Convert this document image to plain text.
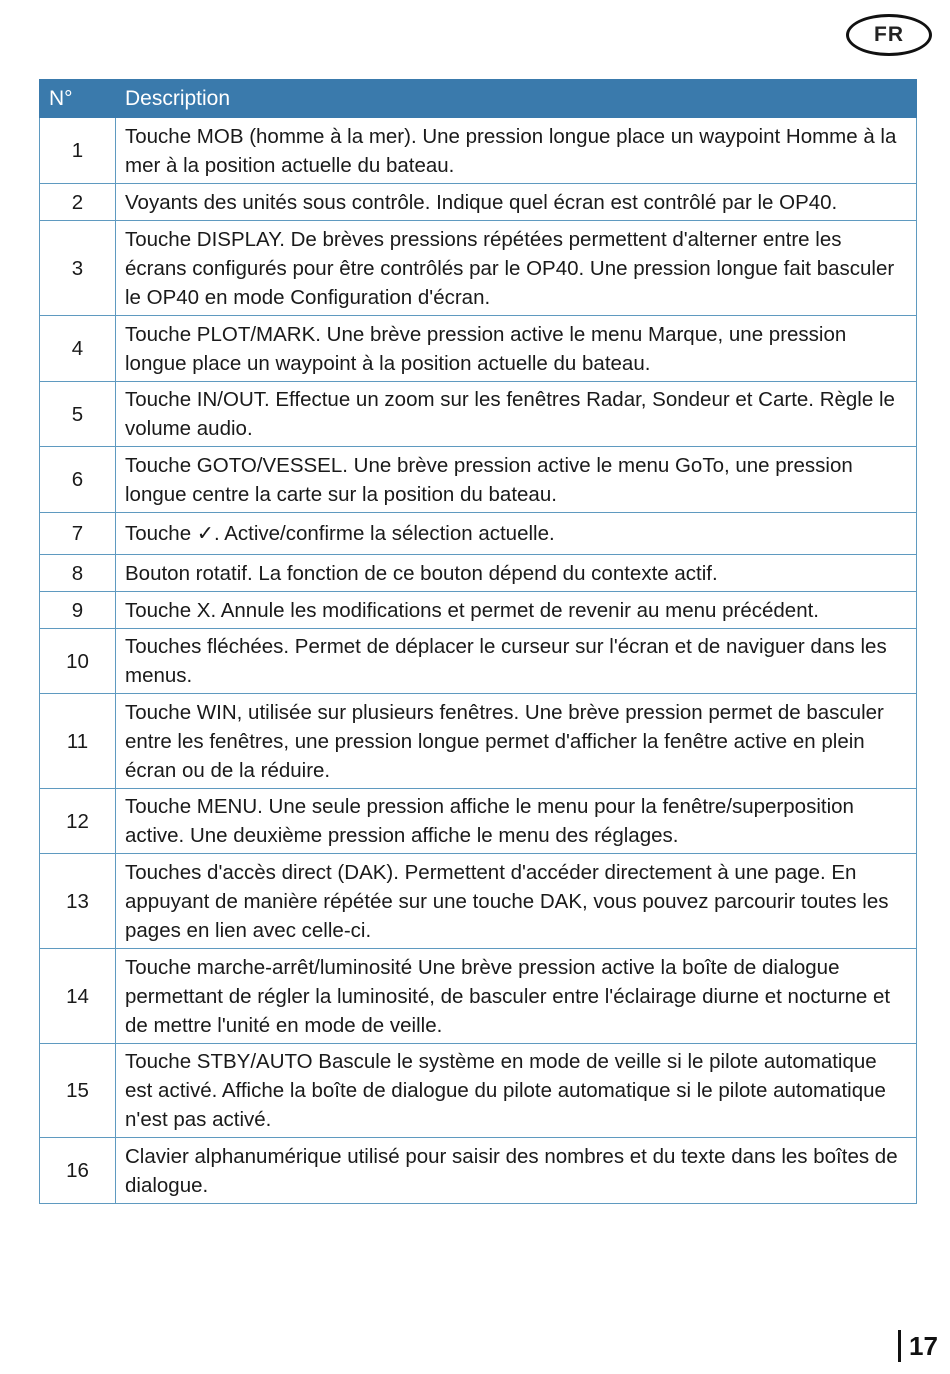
FR
N°	Description
1	Touche MOB (homme à la mer). Une pression longue place un waypoint Homme à la mer à la position actuelle du bateau.
2	Voyants des unités sous contrôle. Indique quel écran est contrôlé par le OP40.
3	Touche DISPLAY. De brèves pressions répétées permettent d'alterner entre les écrans configurés pour être contrôlés par le OP40. Une pression longue fait basculer le OP40 en mode Configuration d'écran.
4	Touche PLOT/MARK. Une brève pression active le menu Marque, une pression longue place un waypoint à la position actuelle du bateau.
5	Touche IN/OUT. Effectue un zoom sur les fenêtres Radar, Sondeur et Carte. Règle le volume audio.
6	Touche GOTO/VESSEL. Une brève pression active le menu GoTo, une pression longue centre la carte sur la position du bateau.
7	Touche ✓. Active/confirme la sélection actuelle.
8	Bouton rotatif. La fonction de ce bouton dépend du contexte actif.
9	Touche X. Annule les modifications et permet de revenir au menu précédent.
10	Touches fléchées. Permet de déplacer le curseur sur l'écran et de naviguer dans les menus.
11	Touche WIN, utilisée sur plusieurs fenêtres. Une brève pression permet de basculer entre les fenêtres, une pression longue permet d'afficher la fenêtre active en plein écran ou de la réduire.
12	Touche MENU. Une seule pression affiche le menu pour la fenêtre/superposition active. Une deuxième pression affiche le menu des réglages.
13	Touches d'accès direct (DAK). Permettent d'accéder directement à une page. En appuyant de manière répétée sur une touche DAK, vous pouvez parcourir toutes les pages en lien avec celle-ci.
14	Touche marche-arrêt/luminosité Une brève pression active la boîte de dialogue permettant de régler la luminosité, de basculer entre l'éclairage diurne et nocturne et de mettre l'unité en mode de veille.
15	Touche STBY/AUTO Bascule le système en mode de veille si le pilote automatique est activé. Affiche la boîte de dialogue du pilote automatique si le pilote automatique n'est pas activé.
16	Clavier alphanumérique utilisé pour saisir des nombres et du texte dans les boîtes de dialogue.
17
